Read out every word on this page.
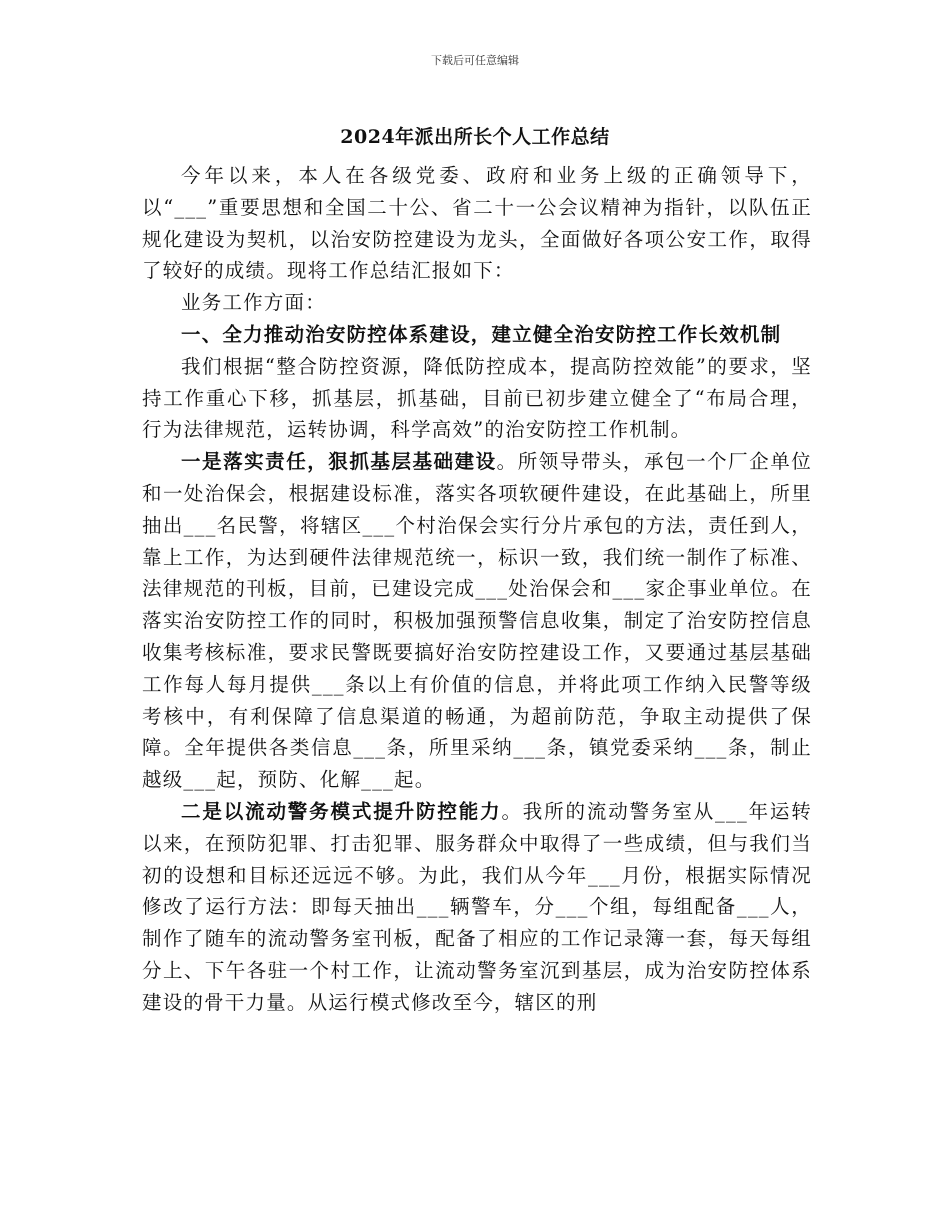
下载后可任意编辑
2024年派出所长个人工作总结

今年以来，本人在各级党委、政府和业务上级的正确领导下，以“___”重要思想和全国二十公、省二十一公会议精神为指针，以队伍正规化建设为契机，以治安防控建设为龙头，全面做好各项公安工作，取得了较好的成绩。现将工作总结汇报如下：

业务工作方面：

一、全力推动治安防控体系建设，建立健全治安防控工作长效机制

我们根据“整合防控资源，降低防控成本，提高防控效能”的要求，坚持工作重心下移，抓基层，抓基础，目前已初步建立健全了“布局合理，行为法律规范，运转协调，科学高效”的治安防控工作机制。

一是落实责任，狠抓基层基础建设。所领导带头，承包一个厂企单位和一处治保会，根据建设标准，落实各项软硬件建设，在此基础上，所里抽出___名民警，将辖区___个村治保会实行分片承包的方法，责任到人，靠上工作，为达到硬件法律规范统一，标识一致，我们统一制作了标准、法律规范的刊板，目前，已建设完成___处治保会和___家企事业单位。在落实治安防控工作的同时，积极加强预警信息收集，制定了治安防控信息收集考核标准，要求民警既要搞好治安防控建设工作，又要通过基层基础工作每人每月提供___条以上有价值的信息，并将此项工作纳入民警等级考核中，有利保障了信息渠道的畅通，为超前防范，争取主动提供了保障。全年提供各类信息___条，所里采纳___条，镇党委采纳___条，制止越级___起，预防、化解___起。

二是以流动警务模式提升防控能力。我所的流动警务室从___年运转以来，在预防犯罪、打击犯罪、服务群众中取得了一些成绩，但与我们当初的设想和目标还远远不够。为此，我们从今年___月份，根据实际情况修改了运行方法：即每天抽出___辆警车，分___个组，每组配备___人，制作了随车的流动警务室刊板，配备了相应的工作记录簿一套，每天每组分上、下午各驻一个村工作，让流动警务室沉到基层，成为治安防控体系建设的骨干力量。从运行模式修改至今，辖区的刑
